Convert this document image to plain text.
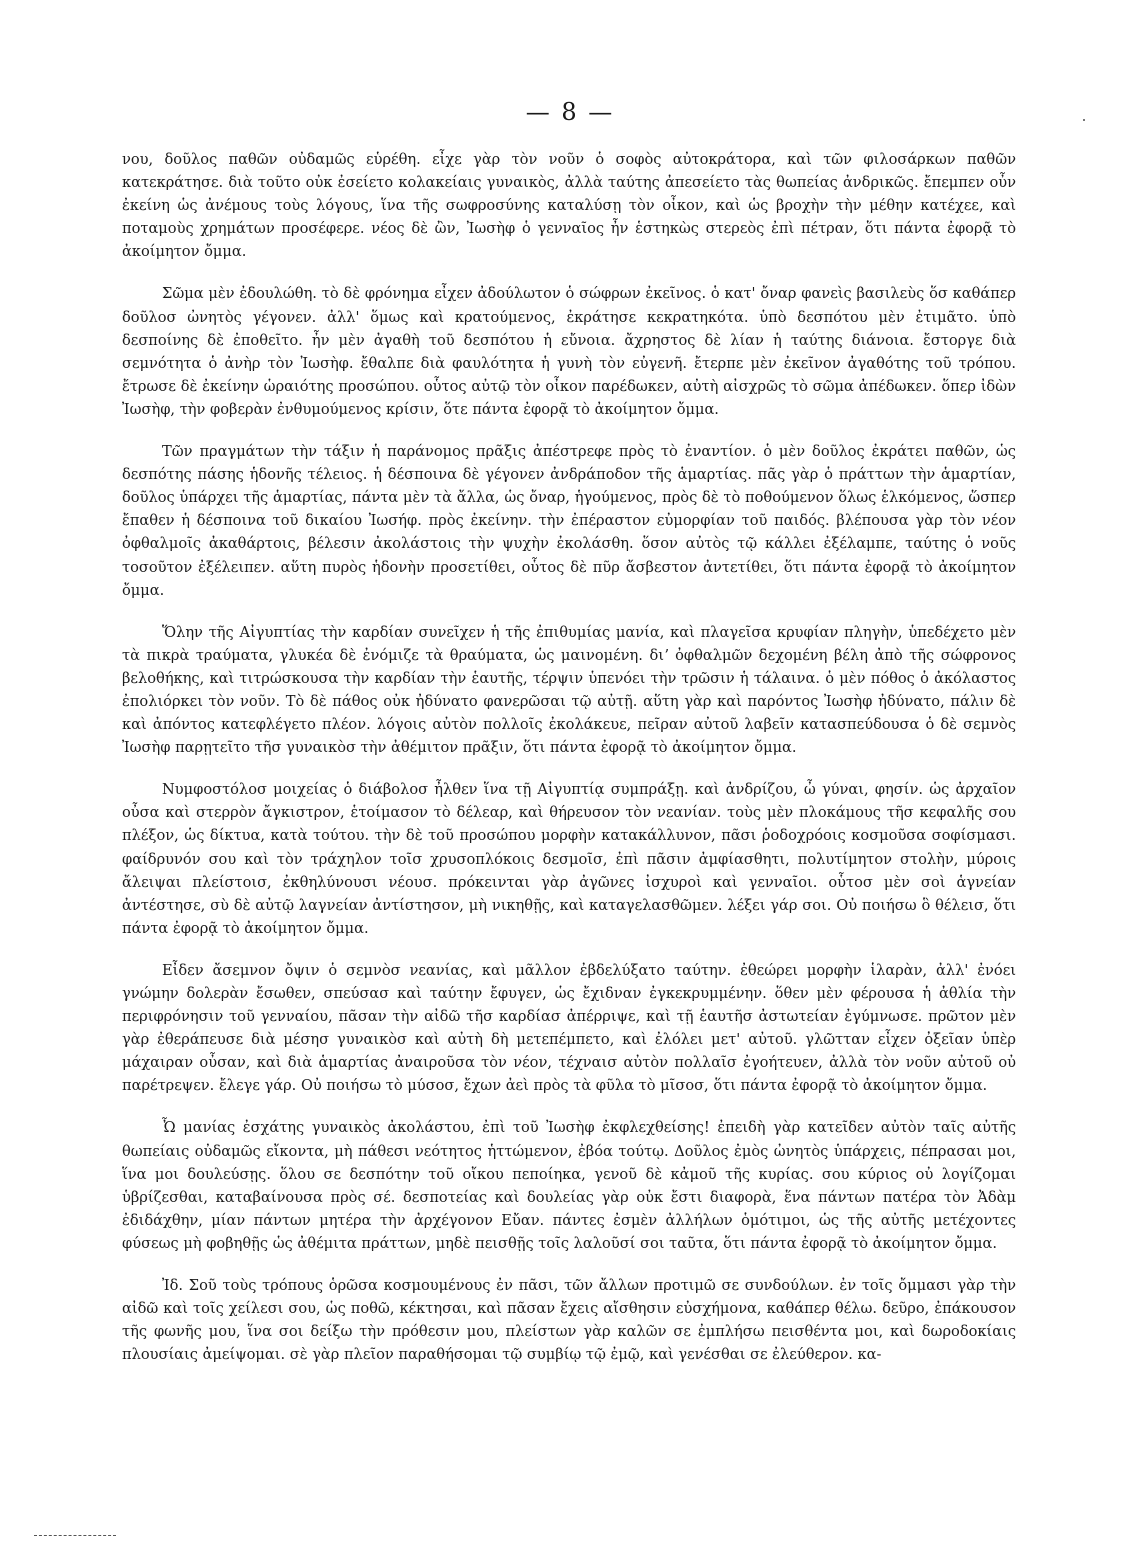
— 8 —

νου, δοῦλος παθῶν οὐδαμῶς εὑρέθη. εἶχε γὰρ τὸν νοῦν ὁ σοφὸς αὐτοκράτορα, καὶ τῶν φιλοσάρκων παθῶν κατεκράτησε. διὰ τοῦτο οὐκ ἐσείετο κολακείαις γυναικὸς, ἀλλὰ ταύτης ἀπεσείετο τὰς θωπείας ἀνδρικῶς. ἔπεμπεν οὖν ἐκείνη ὡς ἀνέμους τοὺς λόγους, ἵνα τῆς σωφροσύνης καταλύσῃ τὸν οἶκον, καὶ ὡς βροχὴν τὴν μέθην κατέχεε, καὶ ποταμοὺς χρημάτων προσέφερε. νέος δὲ ὢν, Ἰωσὴφ ὁ γενναῖος ἦν ἑστηκὼς στερεὸς ἐπὶ πέτραν, ὅτι πάντα ἐφορᾷ τὸ ἀκοίμητον ὄμμα.

Σῶμα μὲν ἐδουλώθη. τὸ δὲ φρόνημα εἶχεν ἀδούλωτον ὁ σώφρων ἐκεῖνος. ὁ κατ' ὄναρ φανεὶς βασιλεὺς ὅσ καθάπερ δοῦλοσ ὠνητὸς γέγονεν. ἀλλ' ὅμως καὶ κρατούμενος, ἐκράτησε κεκρατηκότα. ὑπὸ δεσπότου μὲν ἐτιμᾶτο. ὑπὸ δεσποίνης δὲ ἐποθεῖτο. ἦν μὲν ἀγαθὴ τοῦ δεσπότου ἡ εὔνοια. ἄχρηστος δὲ λίαν ἡ ταύτης διάνοια. ἔστοργε διὰ σεμνότητα ὁ ἀνὴρ τὸν Ἰωσὴφ. ἔθαλπε διὰ φαυλότητα ἡ γυνὴ τὸν εὐγενῆ. ἔτερπε μὲν ἐκεῖνον ἀγαθότης τοῦ τρόπου. ἔτρωσε δὲ ἐκείνην ὡραιότης προσώπου. οὗτος αὐτῷ τὸν οἶκον παρέδωκεν, αὐτὴ αἰσχρῶς τὸ σῶμα ἀπέδωκεν. ὅπερ ἰδὼν Ἰωσὴφ, τὴν φοβερὰν ἐνθυμούμενος κρίσιν, ὅτε πάντα ἐφορᾷ τὸ ἀκοίμητον ὄμμα.

Τῶν πραγμάτων τὴν τάξιν ἡ παράνομος πρᾶξις ἀπέστρεφε πρὸς τὸ ἐναντίον. ὁ μὲν δοῦλος ἐκράτει παθῶν, ὡς δεσπότης πάσης ἡδονῆς τέλειος. ἡ δέσποινα δὲ γέγονεν ἀνδράποδον τῆς ἁμαρτίας. πᾶς γὰρ ὁ πράττων τὴν ἁμαρτίαν, δοῦλος ὑπάρχει τῆς ἁμαρτίας, πάντα μὲν τὰ ἄλλα, ὡς ὄναρ, ἡγούμενος, πρὸς δὲ τὸ ποθούμενον ὅλως ἑλκόμενος, ὥσπερ ἔπαθεν ἡ δέσποινα τοῦ δικαίου Ἰωσήφ. πρὸς ἐκείνην. τὴν ἐπέραστον εὐμορφίαν τοῦ παιδός. βλέπουσα γὰρ τὸν νέον ὀφθαλμοῖς ἀκαθάρτοις, βέλεσιν ἀκολάστοις τὴν ψυχὴν ἐκολάσθη. ὅσον αὐτὸς τῷ κάλλει ἐξέλαμπε, ταύτης ὁ νοῦς τοσοῦτον ἐξέλειπεν. αὕτη πυρὸς ἡδονὴν προσετίθει, οὗτος δὲ πῦρ ἄσβεστον ἀντετίθει, ὅτι πάντα ἐφορᾷ τὸ ἀκοίμητον ὄμμα.

Ὅλην τῆς Αἰγυπτίας τὴν καρδίαν συνεῖχεν ἡ τῆς ἐπιθυμίας μανία, καὶ πλαγεῖσα κρυφίαν πληγὴν, ὑπεδέχετο μὲν τὰ πικρὰ τραύματα, γλυκέα δὲ ἐνόμιζε τὰ θραύματα, ὡς μαινομένη. διʼ ὀφθαλμῶν δεχομένη βέλη ἀπὸ τῆς σώφρονος βελοθήκης, καὶ τιτρώσκουσα τὴν καρδίαν τὴν ἑαυτῆς, τέρψιν ὑπενόει τὴν τρῶσιν ἡ τάλαινα. ὁ μὲν πόθος ὁ ἀκόλαστος ἐπολιόρκει τὸν νοῦν. Τὸ δὲ πάθος οὐκ ἠδύνατο φανερῶσαι τῷ αὐτῇ. αὕτη γὰρ καὶ παρόντος Ἰωσὴφ ἠδύνατο, πάλιν δὲ καὶ ἀπόντος κατεφλέγετο πλέον. λόγοις αὐτὸν πολλοῖς ἐκολάκευε, πεῖραν αὐτοῦ λαβεῖν κατασπεύδουσα ὁ δὲ σεμνὸς Ἰωσὴφ παρῃτεῖτο τῆσ γυναικὸσ τὴν ἀθέμιτον πρᾶξιν, ὅτι πάντα ἐφορᾷ τὸ ἀκοίμητον ὄμμα.

Νυμφοστόλοσ μοιχείας ὁ διάβολοσ ἦλθεν ἵνα τῇ Αἰγυπτίᾳ συμπράξῃ. καὶ ἀνδρίζου, ὦ γύναι, φησίν. ὡς ἀρχαῖον οὖσα καὶ στερρὸν ἄγκιστρον, ἑτοίμασον τὸ δέλεαρ, καὶ θήρευσον τὸν νεανίαν. τοὺς μὲν πλοκάμους τῆσ κεφαλῆς σου πλέξον, ὡς δίκτυα, κατὰ τούτου. τὴν δὲ τοῦ προσώπου μορφὴν κατακάλλυνον, πᾶσι ῥοδοχρόοις κοσμοῦσα σοφίσμασι. φαίδρυνόν σου καὶ τὸν τράχηλον τοῖσ χρυσοπλόκοις δεσμοῖσ, ἐπὶ πᾶσιν ἀμφίασθητι, πολυτίμητον στολὴν, μύροις ἄλειψαι πλείστοισ, ἐκθηλύνουσι νέουσ. πρόκεινται γὰρ ἀγῶνες ἰσχυροὶ καὶ γενναῖοι. οὗτοσ μὲν σοὶ ἁγνείαν ἀντέστησε, σὺ δὲ αὐτῷ λαγνείαν ἀντίστησον, μὴ νικηθῇς, καὶ καταγελασθῶμεν. λέξει γάρ σοι. Οὐ ποιήσω ὃ θέλεισ, ὅτι πάντα ἐφορᾷ τὸ ἀκοίμητον ὄμμα.

Εἶδεν ἄσεμνον ὄψιν ὁ σεμνὸσ νεανίας, καὶ μᾶλλον ἐβδελύξατο ταύτην. ἐθεώρει μορφὴν ἱλαρὰν, ἀλλ' ἐνόει γνώμην δολερὰν ἔσωθεν, σπεύσασ καὶ ταύτην ἔφυγεν, ὡς ἔχιδναν ἐγκεκρυμμένην. ὅθεν μὲν φέρουσα ἡ ἀθλία τὴν περιφρόνησιν τοῦ γενναίου, πᾶσαν τὴν αἰδῶ τῆσ καρδίασ ἀπέρριψε, καὶ τῇ ἑαυτῆσ ἀστωτείαν ἐγύμνωσε. πρῶτον μὲν γὰρ ἐθεράπευσε διὰ μέσησ γυναικὸσ καὶ αὐτὴ δὴ μετεπέμπετο, καὶ ἐλόλει μετ' αὐτοῦ. γλῶτταν εἶχεν ὀξεῖαν ὑπὲρ μάχαιραν οὖσαν, καὶ διὰ ἁμαρτίας ἀναιροῦσα τὸν νέον, τέχναισ αὐτὸν πολλαῖσ ἐγοήτευεν, ἀλλὰ τὸν νοῦν αὐτοῦ οὐ παρέτρεψεν. ἔλεγε γάρ. Οὐ ποιήσω τὸ μύσοσ, ἔχων ἀεὶ πρὸς τὰ φῦλα τὸ μῖσοσ, ὅτι πάντα ἐφορᾷ τὸ ἀκοίμητον ὄμμα.

Ὦ μανίας ἐσχάτης γυναικὸς ἀκολάστου, ἐπὶ τοῦ Ἰωσὴφ ἐκφλεχθείσης! ἐπειδὴ γὰρ κατεῖδεν αὐτὸν ταῖς αὐτῆς θωπείαις οὐδαμῶς εἴκοντα, μὴ πάθεσι νεότητος ἡττώμενον, ἐβόα τούτῳ. Δοῦλος ἐμὸς ὠνητὸς ὑπάρχεις, πέπρασαι μοι, ἵνα μοι δουλεύσῃς. ὅλου σε δεσπότην τοῦ οἴκου πεποίηκα, γενοῦ δὲ κἀμοῦ τῆς κυρίας. σου κύριος οὐ λογίζομαι ὑβρίζεσθαι, καταβαίνουσα πρὸς σέ. δεσποτείας καὶ δουλείας γὰρ οὐκ ἔστι διαφορὰ, ἕνα πάντων πατέρα τὸν Ἀδὰμ ἐδιδάχθην, μίαν πάντων μητέρα τὴν ἀρχέγονον Εὔαν. πάντες ἐσμὲν ἀλλήλων ὁμότιμοι, ὡς τῆς αὐτῆς μετέχοντες φύσεως μὴ φοβηθῇς ὡς ἀθέμιτα πράττων, μηδὲ πεισθῇς τοῖς λαλοῦσί σοι ταῦτα, ὅτι πάντα ἐφορᾷ τὸ ἀκοίμητον ὄμμα.

Ἰδ. Σοῦ τοὺς τρόπους ὁρῶσα κοσμουμένους ἐν πᾶσι, τῶν ἄλλων προτιμῶ σε συνδούλων. ἐν τοῖς ὄμμασι γὰρ τὴν αἰδῶ καὶ τοῖς χείλεσι σου, ὡς ποθῶ, κέκτησαι, καὶ πᾶσαν ἔχεις αἴσθησιν εὐσχήμονα, καθάπερ θέλω. δεῦρο, ἐπάκουσον τῆς φωνῆς μου, ἵνα σοι δείξω τὴν πρόθεσιν μου, πλείστων γὰρ καλῶν σε ἐμπλήσω πεισθέντα μοι, καὶ δωροδοκίαις πλουσίαις ἀμείψομαι. σὲ γὰρ πλεῖον παραθήσομαι τῷ συμβίῳ τῷ ἐμῷ, καὶ γενέσθαι σε ἐλεύθερον. κα-
